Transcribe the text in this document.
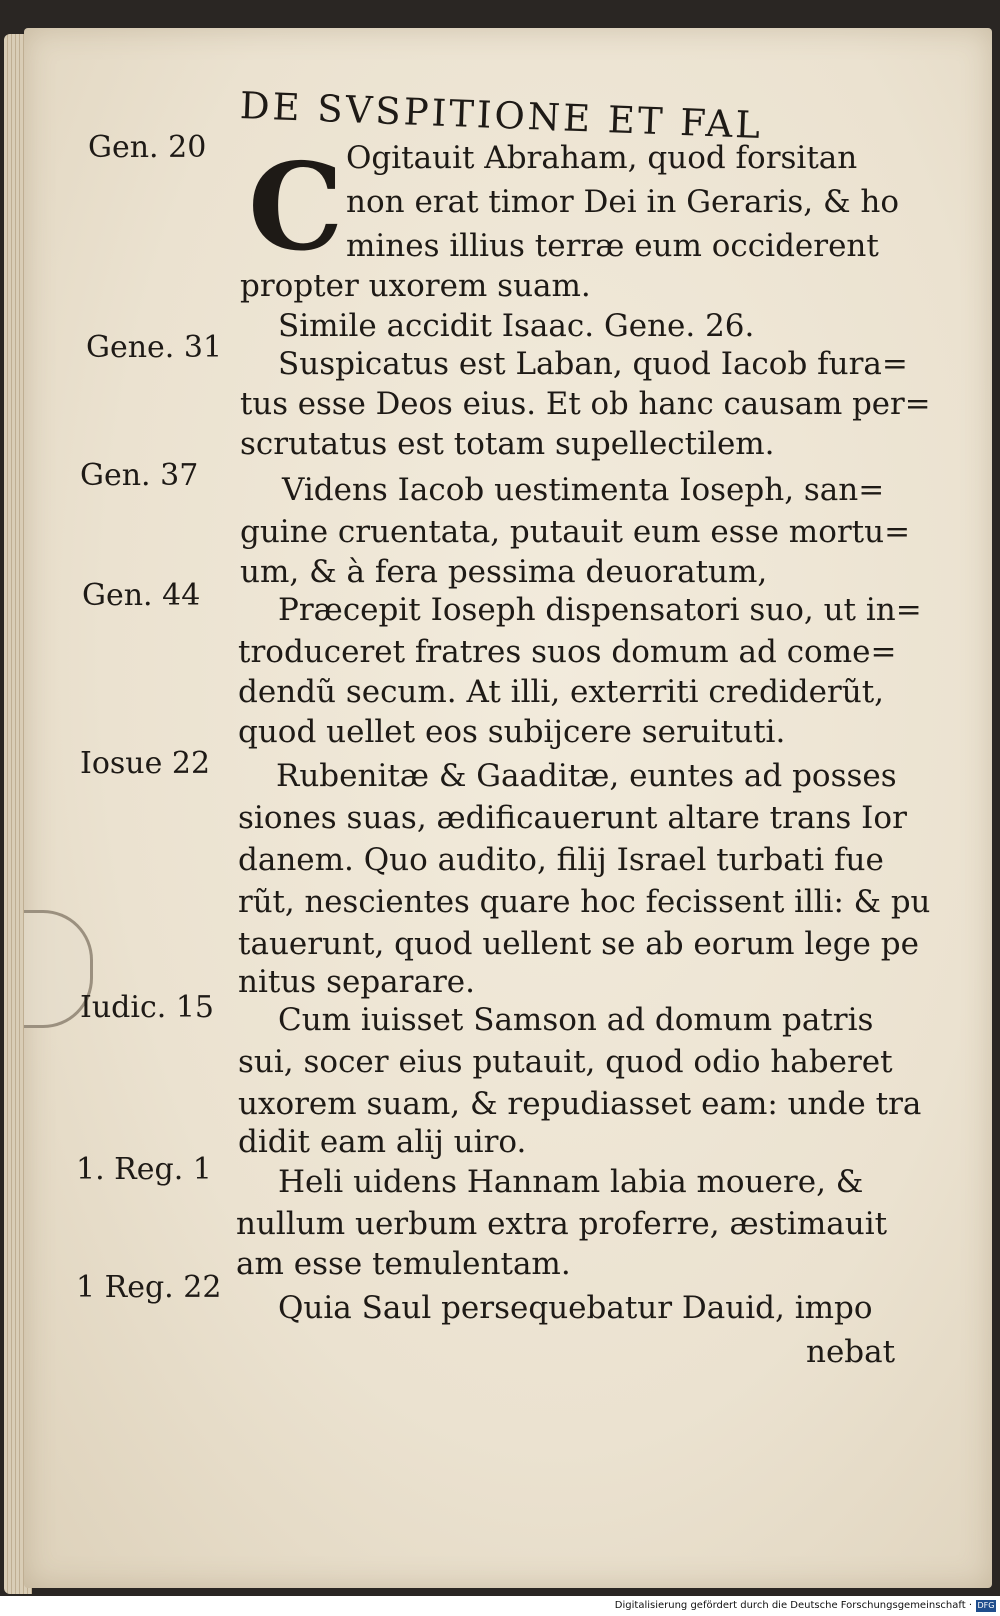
DE SVSPITIONE ET FAL
C
Gen. 20
Gene. 31
Gen. 37
Gen. 44
Iosue 22
Iudic. 15
1. Reg. 1
1 Reg. 22
Ogitauit Abraham, quod forsitan
non erat timor Dei in Geraris, & ho
mines illius terræ eum occiderent
propter uxorem suam.
Simile accidit Isaac. Gene. 26.
Suspicatus est Laban, quod Iacob fura=
tus esse Deos eius. Et ob hanc causam per=
scrutatus est totam supellectilem.
Videns Iacob uestimenta Ioseph, san=
guine cruentata, putauit eum esse mortu=
um, & à fera pessima deuoratum,
Præcepit Ioseph dispensatori suo, ut in=
troduceret fratres suos domum ad come=
dendũ secum. At illi, exterriti crediderũt,
quod uellet eos subijcere seruituti.
Rubenitæ & Gaaditæ, euntes ad posses
siones suas, ædificauerunt altare trans Ior
danem. Quo audito, filij Israel turbati fue
rũt, nescientes quare hoc fecissent illi: & pu
tauerunt, quod uellent se ab eorum lege pe
nitus separare.
Cum iuisset Samson ad domum patris
sui, socer eius putauit, quod odio haberet
uxorem suam, & repudiasset eam: unde tra
didit eam alij uiro.
Heli uidens Hannam labia mouere, &
nullum uerbum extra proferre, æstimauit
am esse temulentam.
Quia Saul persequebatur Dauid, impo
nebat
Digitalisierung gefördert durch die Deutsche Forschungsgemeinschaft · DFG
